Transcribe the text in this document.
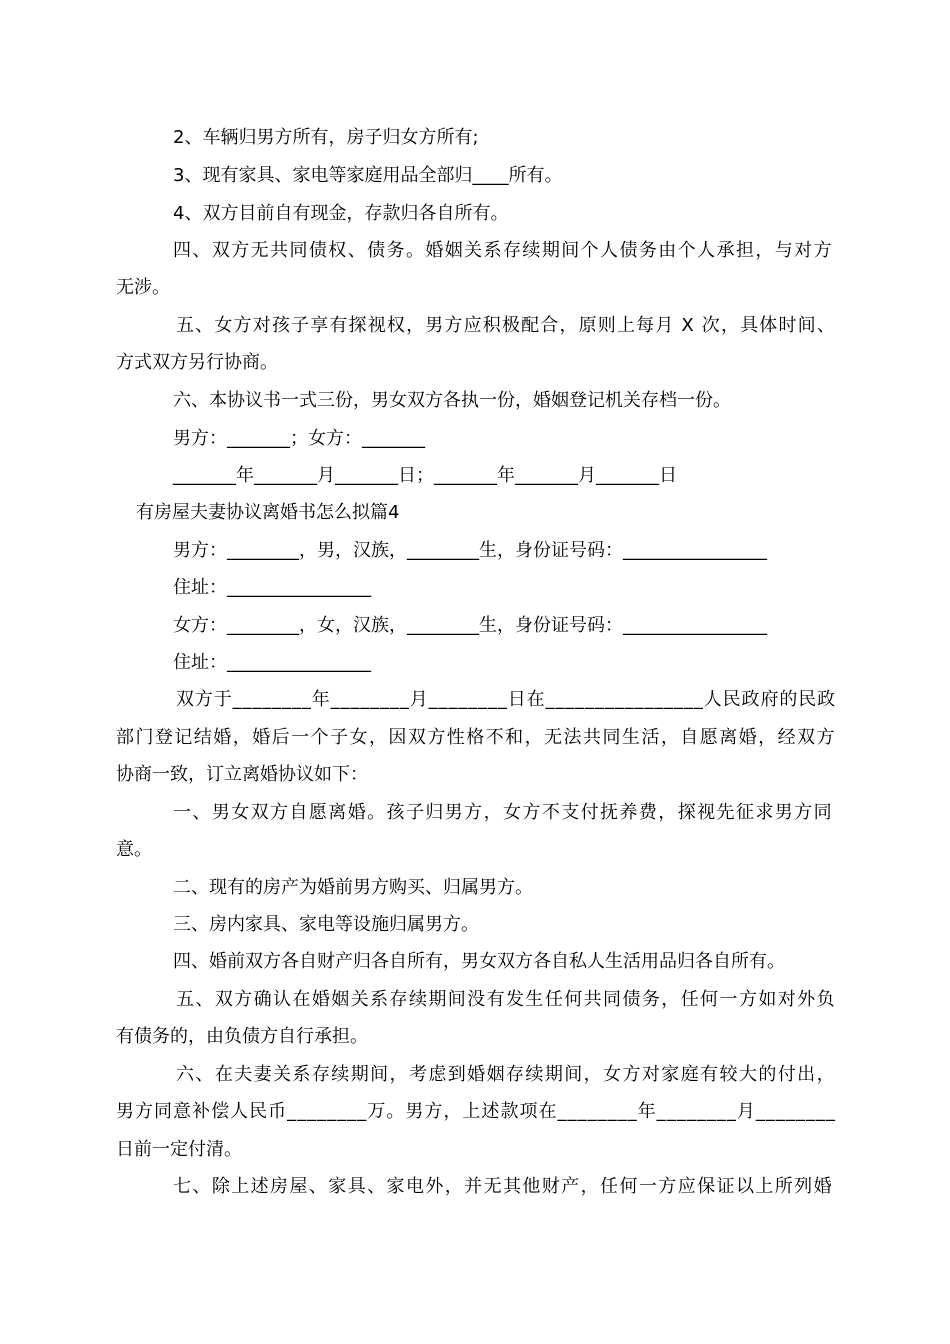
2、车辆归男方所有，房子归女方所有;

3、现有家具、家电等家庭用品全部归____所有。

4、双方目前自有现金，存款归各自所有。

四、双方无共同债权、债务。婚姻关系存续期间个人债务由个人承担，与对方

无涉。

五、女方对孩子享有探视权，男方应积极配合，原则上每月 X 次，具体时间、

方式双方另行协商。

六、本协议书一式三份，男女双方各执一份，婚姻登记机关存档一份。

男方：_______；女方：_______

_______年_______月_______日；_______年_______月_______日

有房屋夫妻协议离婚书怎么拟篇4

男方：________，男，汉族，________生，身份证号码：________________

住址：________________

女方：________，女，汉族，________生，身份证号码：________________

住址：________________

双方于________年________月________日在________________人民政府的民政

部门登记结婚，婚后一个子女，因双方性格不和，无法共同生活，自愿离婚，经双方

协商一致，订立离婚协议如下：

一、男女双方自愿离婚。孩子归男方，女方不支付抚养费，探视先征求男方同

意。

二、现有的房产为婚前男方购买、归属男方。

三、房内家具、家电等设施归属男方。

四、婚前双方各自财产归各自所有，男女双方各自私人生活用品归各自所有。

五、双方确认在婚姻关系存续期间没有发生任何共同债务，任何一方如对外负

有债务的，由负债方自行承担。

六、在夫妻关系存续期间，考虑到婚姻存续期间，女方对家庭有较大的付出，

男方同意补偿人民币________万。男方，上述款项在________年________月________

日前一定付清。

七、除上述房屋、家具、家电外，并无其他财产，任何一方应保证以上所列婚
